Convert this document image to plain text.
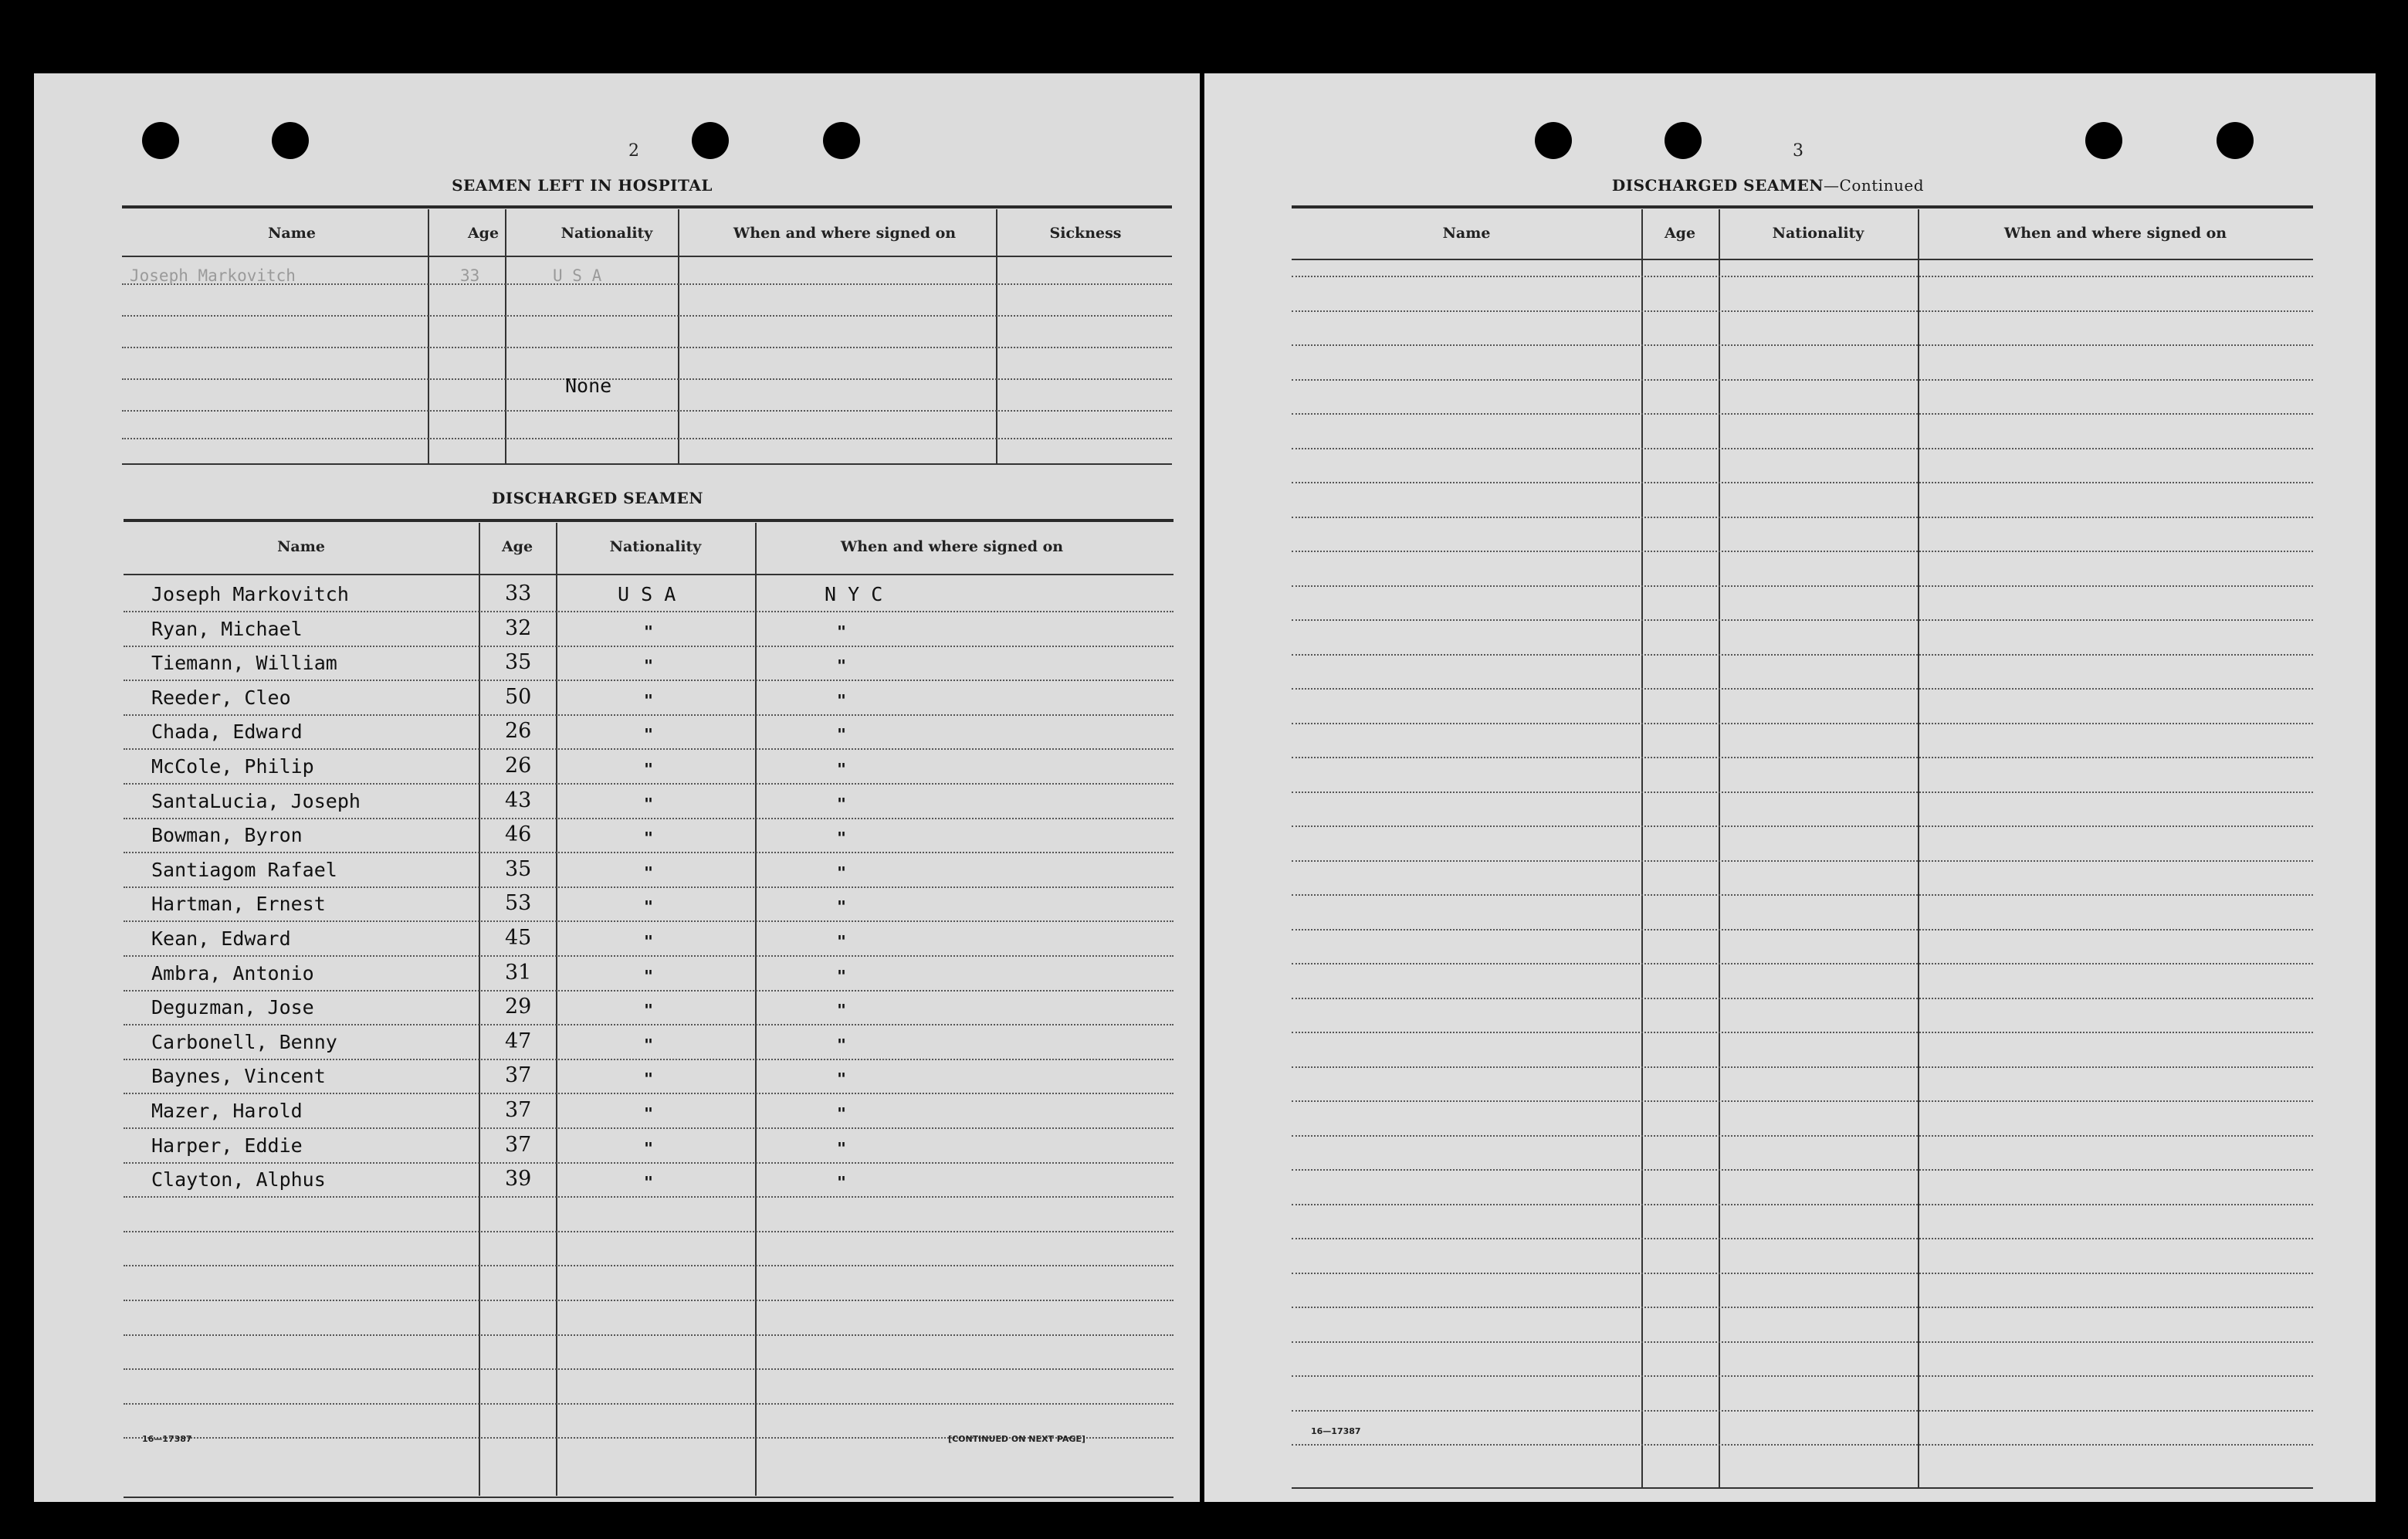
2
SEAMEN LEFT IN HOSPITAL
Name	Age	Nationality	When and where signed on	Sickness
Joseph Markovitch	33	U S A
None
DISCHARGED SEAMEN
Name	Age	Nationality	When and where signed on
Joseph Markovitch	33	U S A	N Y C
Ryan, Michael	32	"	"
Tiemann, William	35	"	"
Reeder, Cleo	50	"	"
Chada, Edward	26	"	"
McCole, Philip	26	"	"
SantaLucia, Joseph	43	"	"
Bowman, Byron	46	"	"
Santiagom Rafael	35	"	"
Hartman, Ernest	53	"	"
Kean, Edward	45	"	"
Ambra, Antonio	31	"	"
Deguzman, Jose	29	"	"
Carbonell, Benny	47	"	"
Baynes, Vincent	37	"	"
Mazer, Harold	37	"	"
Harper, Eddie	37	"	"
Clayton, Alphus	39	"	"
16—17387	[CONTINUED ON NEXT PAGE]
3
DISCHARGED SEAMEN—Continued
Name	Age	Nationality	When and where signed on
16—17387
